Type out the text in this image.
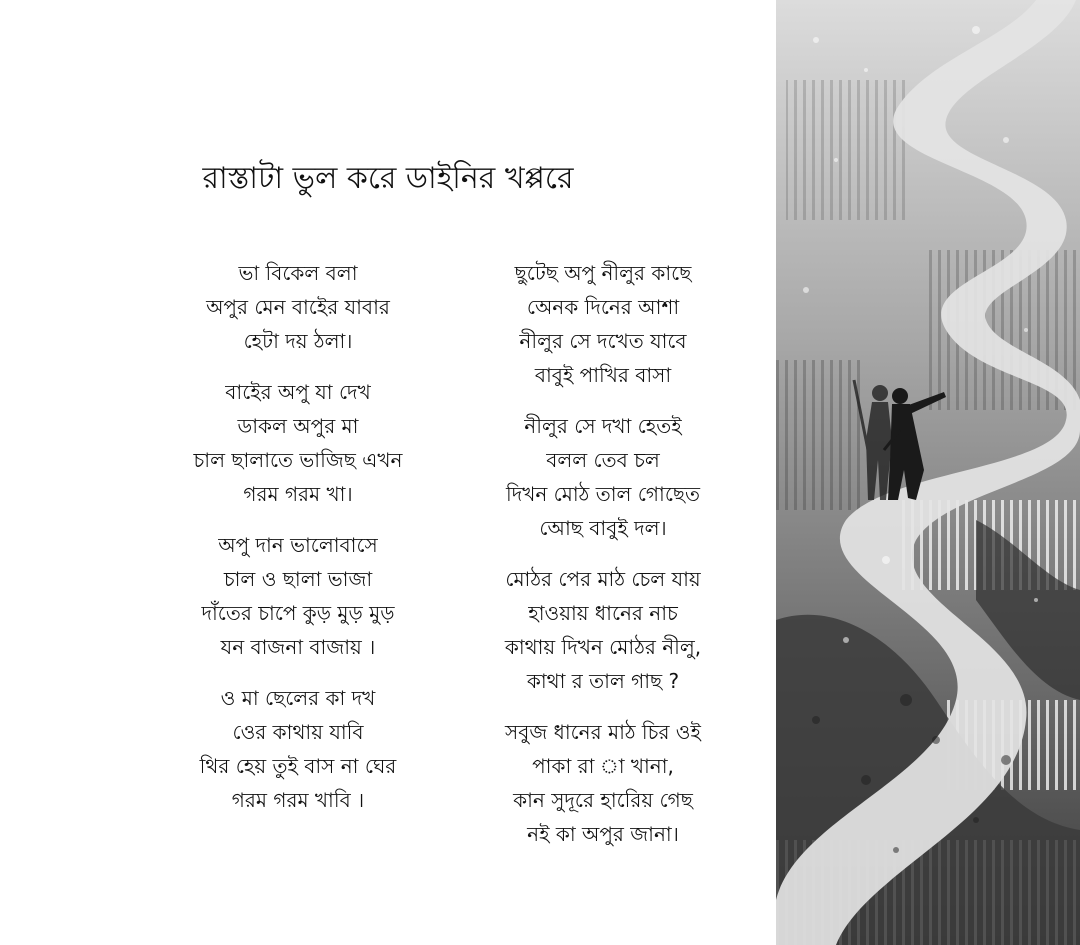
রাস্তাটা ভুল করে ডাইনির খপ্পরে
ভা বিকেল বলা
অপুর মেন বাইের যাবার
হেটা দয় ঠলা।
বাইের অপু যা দেখ
ডাকল অপুর মা
চাল ছালাতে ভাজিছ এখন
গরম গরম খা।
অপু দান ভালোবাসে
চাল ও ছালা ভাজা
দাঁতের চাপে কুড় মুড় মুড়
যন বাজনা বাজায় ।
ও মা ছেলের কা দখ
ওের কাথায় যাবি
থির হেয় তুই বাস না ঘের
গরম গরম খাবি ।
ছুটেছ অপু নীলুর কাছে
অেনক দিনের আশা
নীলুর সে দখেত যাবে
বাবুই পাখির বাসা
নীলুর সে দখা হেতই
বলল তেব চল
দিখন মােঠ তাল গােছেত
আেছ বাবুই দল।
মােঠর পের মাঠ চেল যায়
হাওয়ায় ধানের নাচ
কাথায় দিখন মােঠর নীলু,
কাথা র তাল গাছ ?
সবুজ ধানের মাঠ চির ওই
পাকা রা া খানা,
কান সুদূরে হারিেয় গেছ
নই কা অপুর জানা।
